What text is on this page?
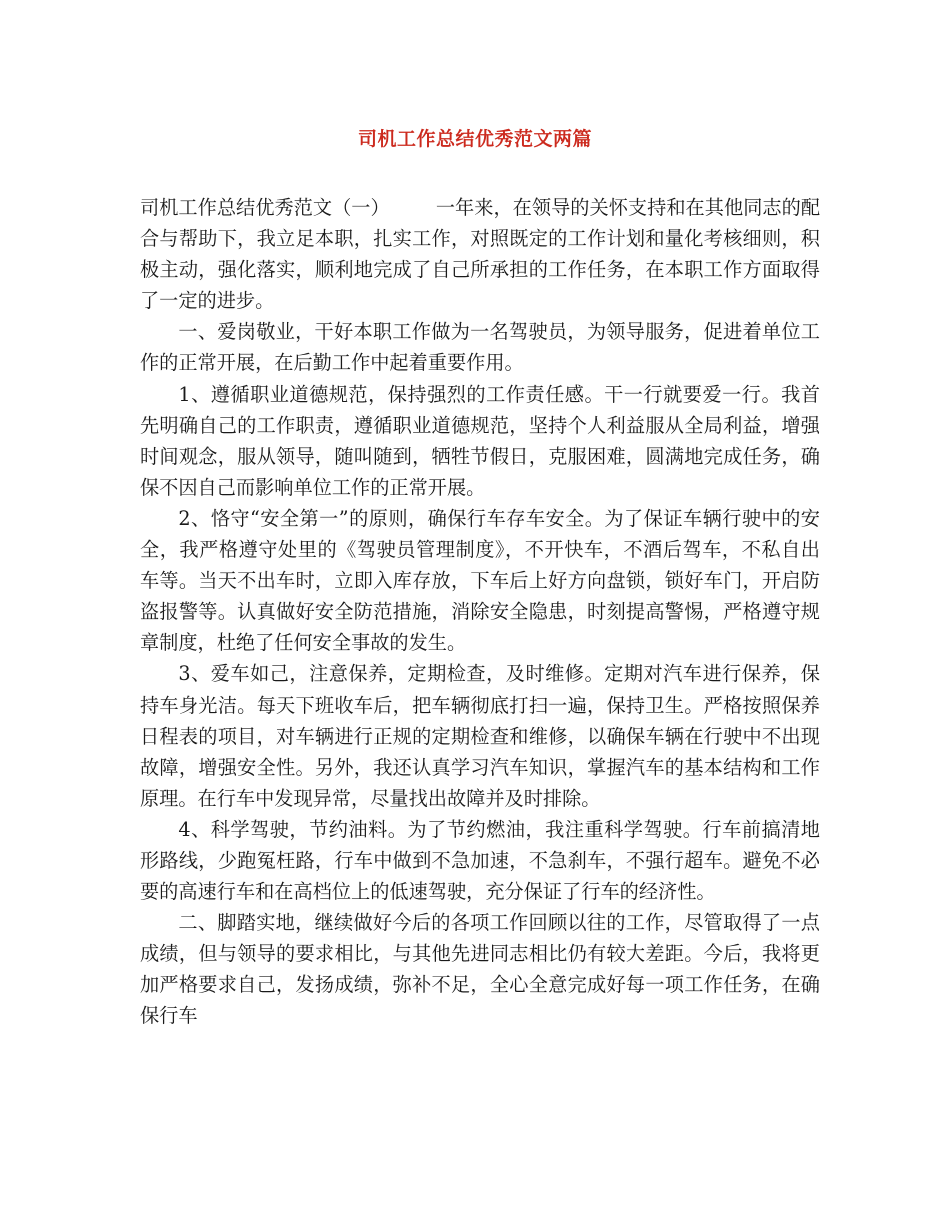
司机工作总结优秀范文两篇

司机工作总结优秀范文（一） 一年来，在领导的关怀支持和在其他同志的配合与帮助下，我立足本职，扎实工作，对照既定的工作计划和量化考核细则，积极主动，强化落实，顺利地完成了自己所承担的工作任务，在本职工作方面取得了一定的进步。

一、爱岗敬业，干好本职工作做为一名驾驶员，为领导服务，促进着单位工作的正常开展，在后勤工作中起着重要作用。

1、遵循职业道德规范，保持强烈的工作责任感。干一行就要爱一行。我首先明确自己的工作职责，遵循职业道德规范，坚持个人利益服从全局利益，增强时间观念，服从领导，随叫随到，牺牲节假日，克服困难，圆满地完成任务，确保不因自己而影响单位工作的正常开展。

2、恪守“安全第一”的原则，确保行车存车安全。为了保证车辆行驶中的安全，我严格遵守处里的《驾驶员管理制度》，不开快车，不酒后驾车，不私自出车等。当天不出车时，立即入库存放，下车后上好方向盘锁，锁好车门，开启防盗报警等。认真做好安全防范措施，消除安全隐患，时刻提高警惕，严格遵守规章制度，杜绝了任何安全事故的发生。

3、爱车如己，注意保养，定期检查，及时维修。定期对汽车进行保养，保持车身光洁。每天下班收车后，把车辆彻底打扫一遍，保持卫生。严格按照保养日程表的项目，对车辆进行正规的定期检查和维修，以确保车辆在行驶中不出现故障，增强安全性。另外，我还认真学习汽车知识，掌握汽车的基本结构和工作原理。在行车中发现异常，尽量找出故障并及时排除。

4、科学驾驶，节约油料。为了节约燃油，我注重科学驾驶。行车前搞清地形路线，少跑冤枉路，行车中做到不急加速，不急刹车，不强行超车。避免不必要的高速行车和在高档位上的低速驾驶，充分保证了行车的经济性。

二、脚踏实地，继续做好今后的各项工作回顾以往的工作，尽管取得了一点成绩，但与领导的要求相比，与其他先进同志相比仍有较大差距。今后，我将更加严格要求自己，发扬成绩，弥补不足，全心全意完成好每一项工作任务，在确保行车
